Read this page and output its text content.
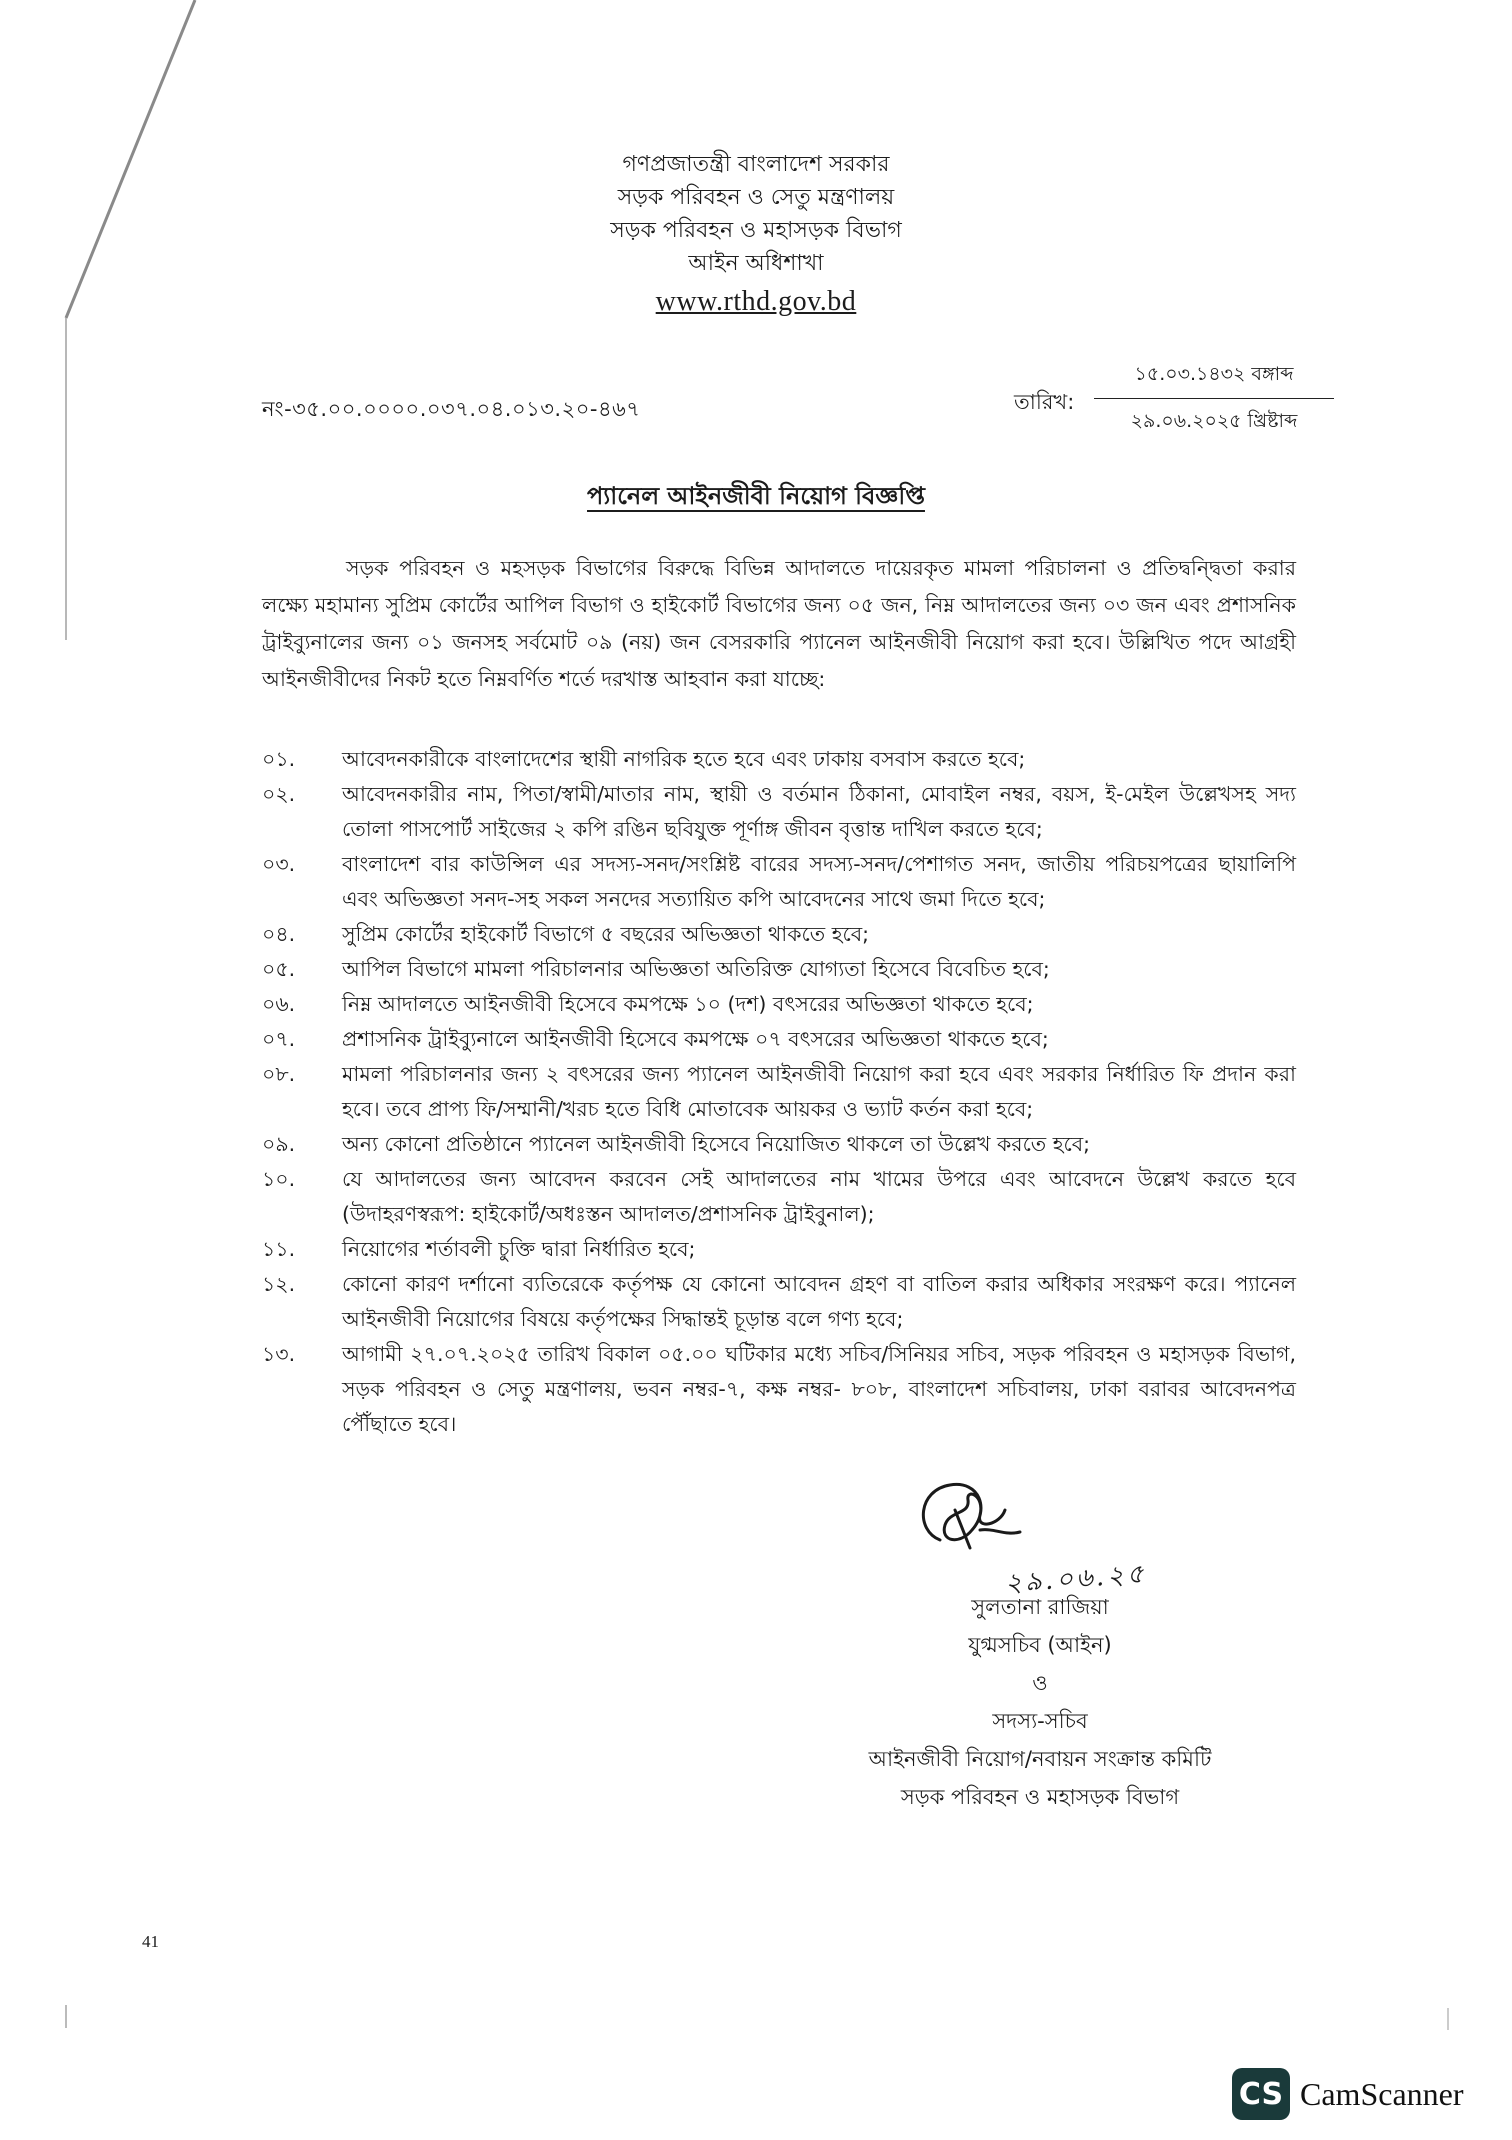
গণপ্রজাতন্ত্রী বাংলাদেশ সরকার
সড়ক পরিবহন ও সেতু মন্ত্রণালয়
সড়ক পরিবহন ও মহাসড়ক বিভাগ
আইন অধিশাখা
www.rthd.gov.bd
নং-৩৫.০০.০০০০.০৩৭.০৪.০১৩.২০-৪৬৭	তারিখ:
১৫.০৩.১৪৩২ বঙ্গাব্দ
২৯.০৬.২০২৫ খ্রিষ্টাব্দ
প্যানেল আইনজীবী নিয়োগ বিজ্ঞপ্তি
সড়ক পরিবহন ও মহসড়ক বিভাগের বিরুদ্ধে বিভিন্ন আদালতে দায়েরকৃত মামলা পরিচালনা ও প্রতিদ্বন্দ্বিতা করার লক্ষ্যে মহামান্য সুপ্রিম কোর্টের আপিল বিভাগ ও হাইকোর্ট বিভাগের জন্য ০৫ জন, নিম্ন আদালতের জন্য ০৩ জন এবং প্রশাসনিক ট্রাইব্যুনালের জন্য ০১ জনসহ সর্বমোট ০৯ (নয়) জন বেসরকারি প্যানেল আইনজীবী নিয়োগ করা হবে। উল্লিখিত পদে আগ্রহী আইনজীবীদের নিকট হতে নিম্নবর্ণিত শর্তে দরখাস্ত আহবান করা যাচ্ছে:
০১.	আবেদনকারীকে বাংলাদেশের স্থায়ী নাগরিক হতে হবে এবং ঢাকায় বসবাস করতে হবে;
০২.	আবেদনকারীর নাম, পিতা/স্বামী/মাতার নাম, স্থায়ী ও বর্তমান ঠিকানা, মোবাইল নম্বর, বয়স, ই-মেইল উল্লেখসহ সদ্য তোলা পাসপোর্ট সাইজের ২ কপি রঙিন ছবিযুক্ত পূর্ণাঙ্গ জীবন বৃত্তান্ত দাখিল করতে হবে;
০৩.	বাংলাদেশ বার কাউন্সিল এর সদস্য-সনদ/সংশ্লিষ্ট বারের সদস্য-সনদ/পেশাগত সনদ, জাতীয় পরিচয়পত্রের ছায়ালিপি এবং অভিজ্ঞতা সনদ-সহ সকল সনদের সত্যায়িত কপি আবেদনের সাথে জমা দিতে হবে;
০৪.	সুপ্রিম কোর্টের হাইকোর্ট বিভাগে ৫ বছরের অভিজ্ঞতা থাকতে হবে;
০৫.	আপিল বিভাগে মামলা পরিচালনার অভিজ্ঞতা অতিরিক্ত যোগ্যতা হিসেবে বিবেচিত হবে;
০৬.	নিম্ন আদালতে আইনজীবী হিসেবে কমপক্ষে ১০ (দশ) বৎসরের অভিজ্ঞতা থাকতে হবে;
০৭.	প্রশাসনিক ট্রাইব্যুনালে আইনজীবী হিসেবে কমপক্ষে ০৭ বৎসরের অভিজ্ঞতা থাকতে হবে;
০৮.	মামলা পরিচালনার জন্য ২ বৎসরের জন্য প্যানেল আইনজীবী নিয়োগ করা হবে এবং সরকার নির্ধারিত ফি প্রদান করা হবে। তবে প্রাপ্য ফি/সম্মানী/খরচ হতে বিধি মোতাবেক আয়কর ও ভ্যাট কর্তন করা হবে;
০৯.	অন্য কোনো প্রতিষ্ঠানে প্যানেল আইনজীবী হিসেবে নিয়োজিত থাকলে তা উল্লেখ করতে হবে;
১০.	যে আদালতের জন্য আবেদন করবেন সেই আদালতের নাম খামের উপরে এবং আবেদনে উল্লেখ করতে হবে (উদাহরণস্বরূপ: হাইকোর্ট/অধঃস্তন আদালত/প্রশাসনিক ট্রাইবুনাল);
১১.	নিয়োগের শর্তাবলী চুক্তি দ্বারা নির্ধারিত হবে;
১২.	কোনো কারণ দর্শানো ব্যতিরেকে কর্তৃপক্ষ যে কোনো আবেদন গ্রহণ বা বাতিল করার অধিকার সংরক্ষণ করে। প্যানেল আইনজীবী নিয়োগের বিষয়ে কর্তৃপক্ষের সিদ্ধান্তই চূড়ান্ত বলে গণ্য হবে;
১৩.	আগামী ২৭.০৭.২০২৫ তারিখ বিকাল ০৫.০০ ঘটিকার মধ্যে সচিব/সিনিয়র সচিব, সড়ক পরিবহন ও মহাসড়ক বিভাগ, সড়ক পরিবহন ও সেতু মন্ত্রণালয়, ভবন নম্বর-৭, কক্ষ নম্বর- ৮০৮, বাংলাদেশ সচিবালয়, ঢাকা বরাবর আবেদনপত্র পৌঁছাতে হবে।
২৯.০৬.২৫
সুলতানা রাজিয়া
যুগ্মসচিব (আইন)
ও
সদস্য-সচিব
আইনজীবী নিয়োগ/নবায়ন সংক্রান্ত কমিটি
সড়ক পরিবহন ও মহাসড়ক বিভাগ
41
CS CamScanner
